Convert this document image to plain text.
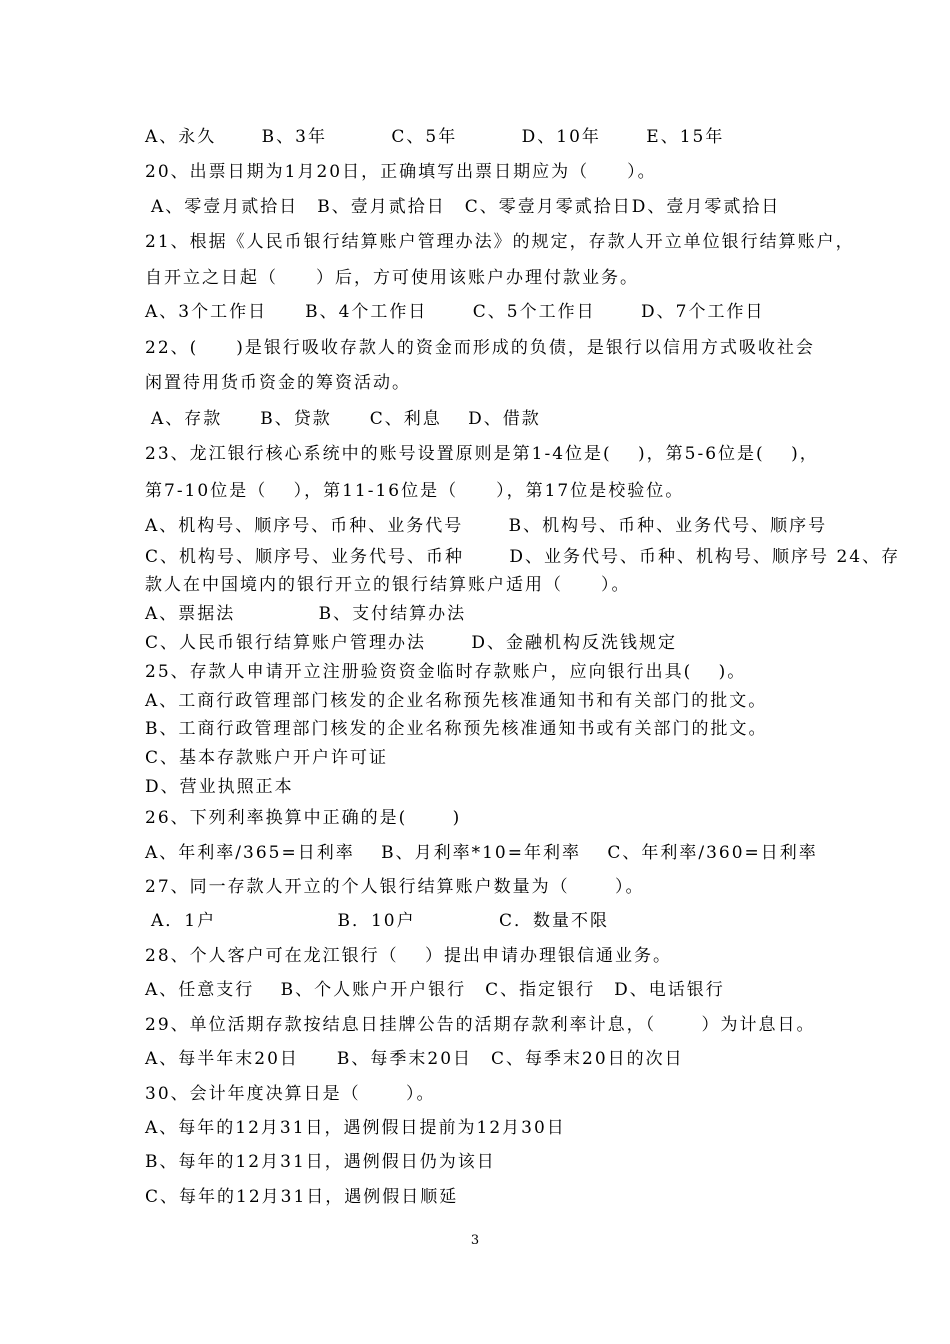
A、永久 　　B、3年 　　　C、5年 　　　D、10年 　　E、15年
20、出票日期为1月20日，正确填写出票日期应为（　　）。
A、零壹月贰拾日　B、壹月贰拾日　C、零壹月零贰拾日D、壹月零贰拾日
21、根据《人民币银行结算账户管理办法》的规定，存款人开立单位银行结算账户，
自开立之日起（　　）后，方可使用该账户办理付款业务。
A、3个工作日　　B、4个工作日　　 C、5个工作日　　 D、7个工作日
22、(　　)是银行吸收存款人的资金而形成的负债，是银行以信用方式吸收社会
闲置待用货币资金的筹资活动。
A、存款　　B、贷款　　C、利息　 D、借款
23、龙江银行核心系统中的账号设置原则是第1-4位是(　 )，第5-6位是(　 )，
第7-10位是（　 ），第11-16位是（　　），第17位是校验位。
A、机构号、顺序号、币种、业务代号　　 B、机构号、币种、业务代号、顺序号
C、机构号、顺序号、业务代号、币种　　 D、业务代号、币种、机构号、顺序号 24、存
款人在中国境内的银行开立的银行结算账户适用（　　）。
A、票据法　　　　 B、支付结算办法
C、人民币银行结算账户管理办法　　 D、金融机构反洗钱规定
25、存款人申请开立注册验资资金临时存款账户，应向银行出具(　 )。
A、工商行政管理部门核发的企业名称预先核准通知书和有关部门的批文。
B、工商行政管理部门核发的企业名称预先核准通知书或有关部门的批文。
C、基本存款账户开户许可证
D、营业执照正本
26、下列利率换算中正确的是(　　 )
A、年利率/365=日利率　 B、月利率*10=年利率　 C、年利率/360=日利率
27、同一存款人开立的个人银行结算账户数量为（　　 ）。
A．1户　　　　　　 B．10户　　　　 C．数量不限
28、个人客户可在龙江银行（　 ）提出申请办理银信通业务。
A、任意支行　 B、个人账户开户银行　C、指定银行　D、电话银行
29、单位活期存款按结息日挂牌公告的活期存款利率计息，（　　 ）为计息日。
A、每半年末20日　　B、每季末20日　C、每季末20日的次日
30、会计年度决算日是（　　 ）。
A、每年的12月31日，遇例假日提前为12月30日
B、每年的12月31日，遇例假日仍为该日
C、每年的12月31日，遇例假日顺延
3
